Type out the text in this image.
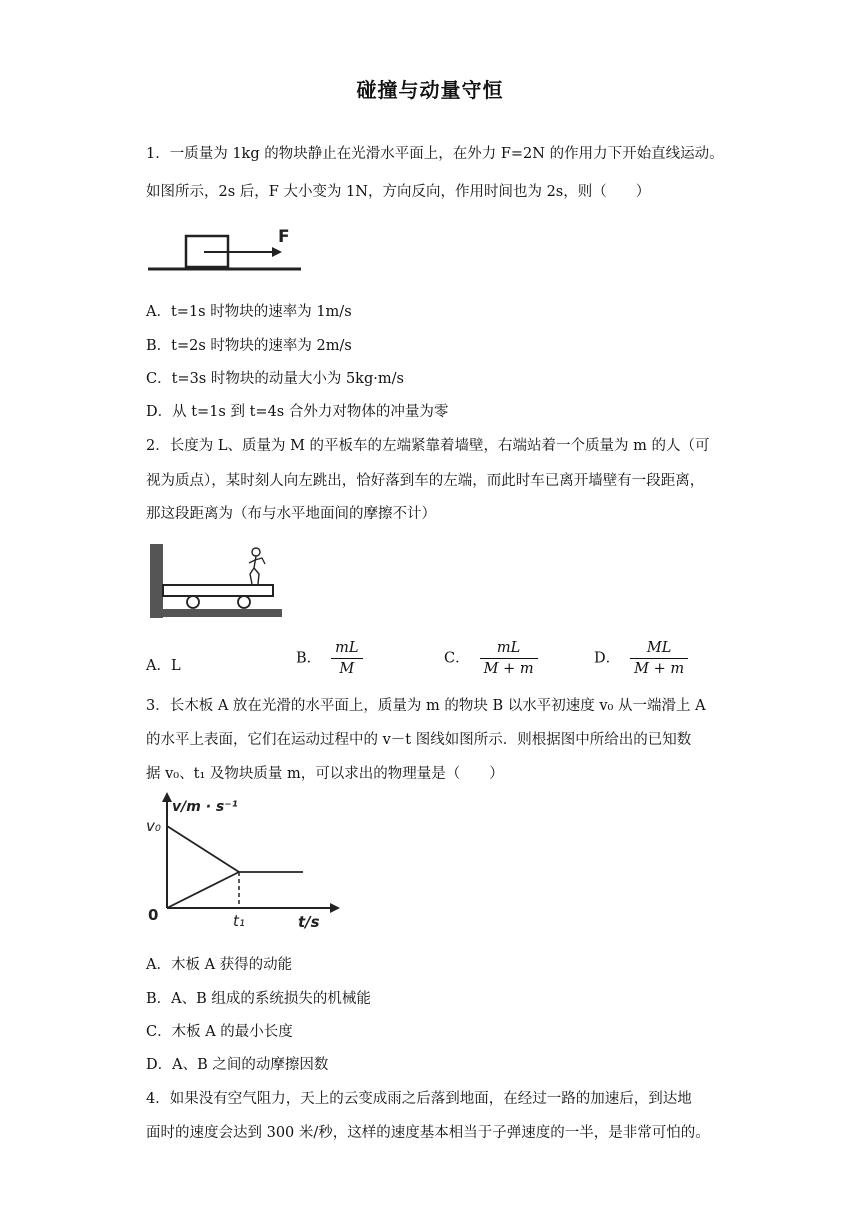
碰撞与动量守恒
1．一质量为 1kg 的物块静止在光滑水平面上，在外力 F=2N 的作用力下开始直线运动。
如图所示，2s 后，F 大小变为 1N，方向反向，作用时间也为 2s，则（　　）
F
A．t=1s 时物块的速率为 1m/s
B．t=2s 时物块的速率为 2m/s
C．t=3s 时物块的动量大小为 5kg·m/s
D．从 t=1s 到 t=4s 合外力对物体的冲量为零
2．长度为 L、质量为 M 的平板车的左端紧靠着墙壁，右端站着一个质量为 m 的人（可
视为质点），某时刻人向左跳出，恰好落到车的左端，而此时车已离开墙壁有一段距离，
那这段距离为（布与水平地面间的摩擦不计）
A．L	B． $\frac{mL}{M}$	C． $\frac{mL}{M + m}$	D． $\frac{ML}{M + m}$
3．长木板 A 放在光滑的水平面上，质量为 m 的物块 B 以水平初速度 v₀ 从一端滑上 A
的水平上表面，它们在运动过程中的 v－t 图线如图所示．则根据图中所给出的已知数
据 v₀、t₁ 及物块质量 m，可以求出的物理量是（　　）
v/m · s⁻¹
v₀
0	t₁	t/s
A．木板 A 获得的动能
B．A、B 组成的系统损失的机械能
C．木板 A 的最小长度
D．A、B 之间的动摩擦因数
4．如果没有空气阻力，天上的云变成雨之后落到地面，在经过一路的加速后，到达地
面时的速度会达到 300 米/秒，这样的速度基本相当于子弹速度的一半，是非常可怕的。
